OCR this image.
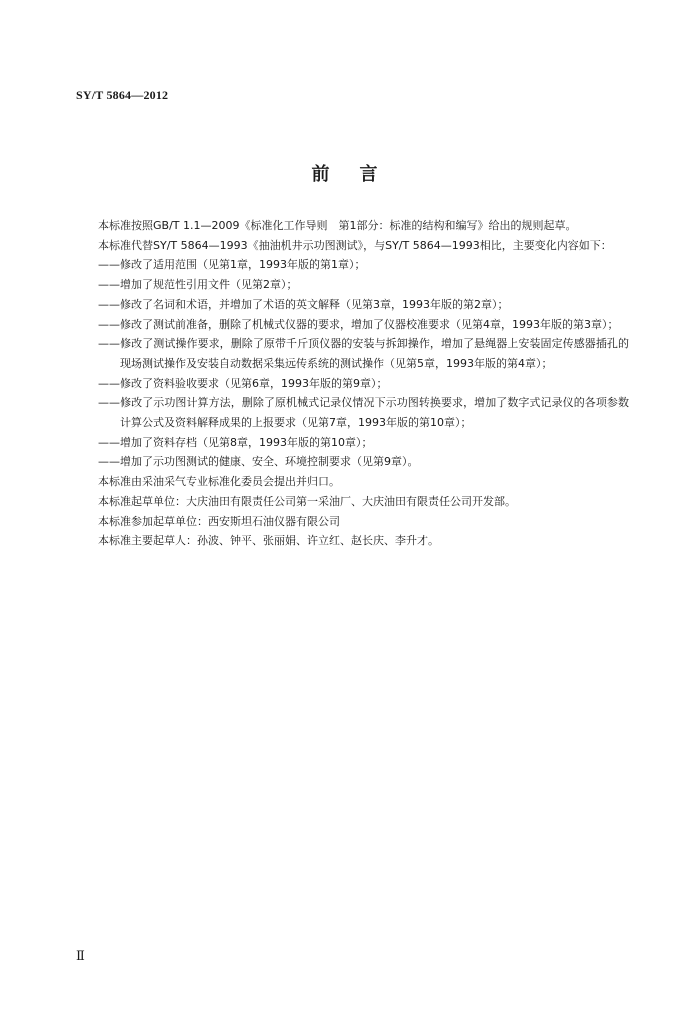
SY/T 5864—2012
前 言

本标准按照GB/T 1.1—2009《标准化工作导则　第1部分：标准的结构和编写》给出的规则起草。

本标准代替SY/T 5864—1993《抽油机井示功图测试》，与SY/T 5864—1993相比，主要变化内容如下：

——修改了适用范围（见第1章，1993年版的第1章）；

——增加了规范性引用文件（见第2章）；

——修改了名词和术语，并增加了术语的英文解释（见第3章，1993年版的第2章）；

——修改了测试前准备，删除了机械式仪器的要求，增加了仪器校准要求（见第4章，1993年版的第3章）；

——修改了测试操作要求，删除了原带千斤顶仪器的安装与拆卸操作，增加了悬绳器上安装固定传感器插孔的现场测试操作及安装自动数据采集远传系统的测试操作（见第5章，1993年版的第4章）；

——修改了资料验收要求（见第6章，1993年版的第9章）；

——修改了示功图计算方法，删除了原机械式记录仪情况下示功图转换要求，增加了数字式记录仪的各项参数计算公式及资料解释成果的上报要求（见第7章，1993年版的第10章）；

——增加了资料存档（见第8章，1993年版的第10章）；

——增加了示功图测试的健康、安全、环境控制要求（见第9章）。

本标准由采油采气专业标准化委员会提出并归口。

本标准起草单位：大庆油田有限责任公司第一采油厂、大庆油田有限责任公司开发部。

本标准参加起草单位：西安斯坦石油仪器有限公司

本标准主要起草人：孙波、钟平、张丽娟、许立红、赵长庆、李升才。

Ⅱ
